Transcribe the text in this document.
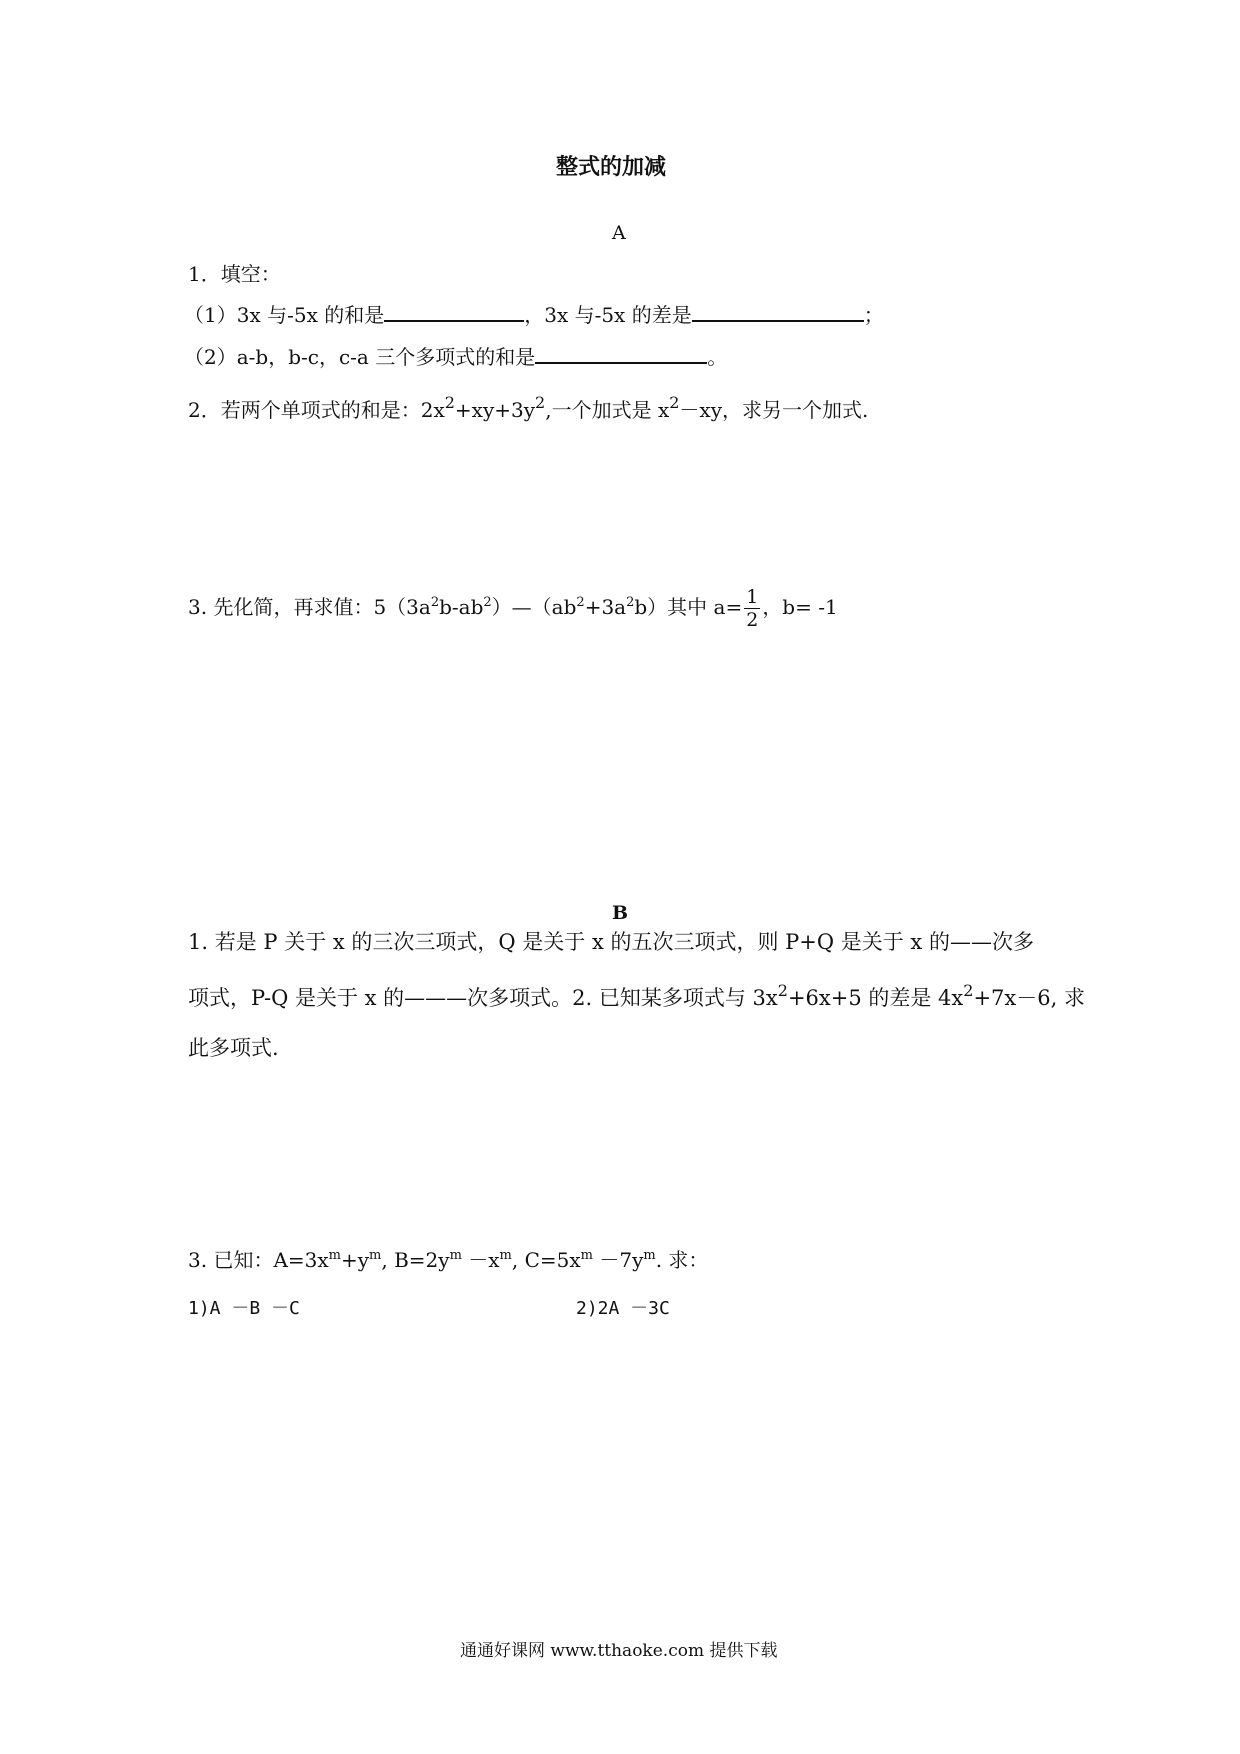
整式的加减
A
1．填空：
（1）3x 与-5x 的和是	，3x 与-5x 的差是	；
（2）a-b，b-c，c-a 三个多项式的和是	。
2．若两个单项式的和是：$2x^2+xy+3y^2$,一个加式是 $x^2-xy$，求另一个加式.
3. 先化简，再求值：$5(3a^2b-ab^2)—(ab^2+3a^2b)$其中 $a= \frac{1}{2}$ ，b= -1
B
1. 若是 P 关于 x 的三次三项式，Q 是关于 x 的五次三项式，则 P+Q 是关于 x 的——次多
项式，P-Q 是关于 x 的———次多项式。2. 已知某多项式与 $3x^2+6x+5$ 的差是 $4x^2+7x-6$, 求
此多项式.
3. 已知：$A=3x^m+y^m$, $B=2y^m -x^m$, $C=5x^m -7y^m$. 求：
1)A －B －C	2)2A －3C
通通好课网 www.tthaoke.com 提供下载
